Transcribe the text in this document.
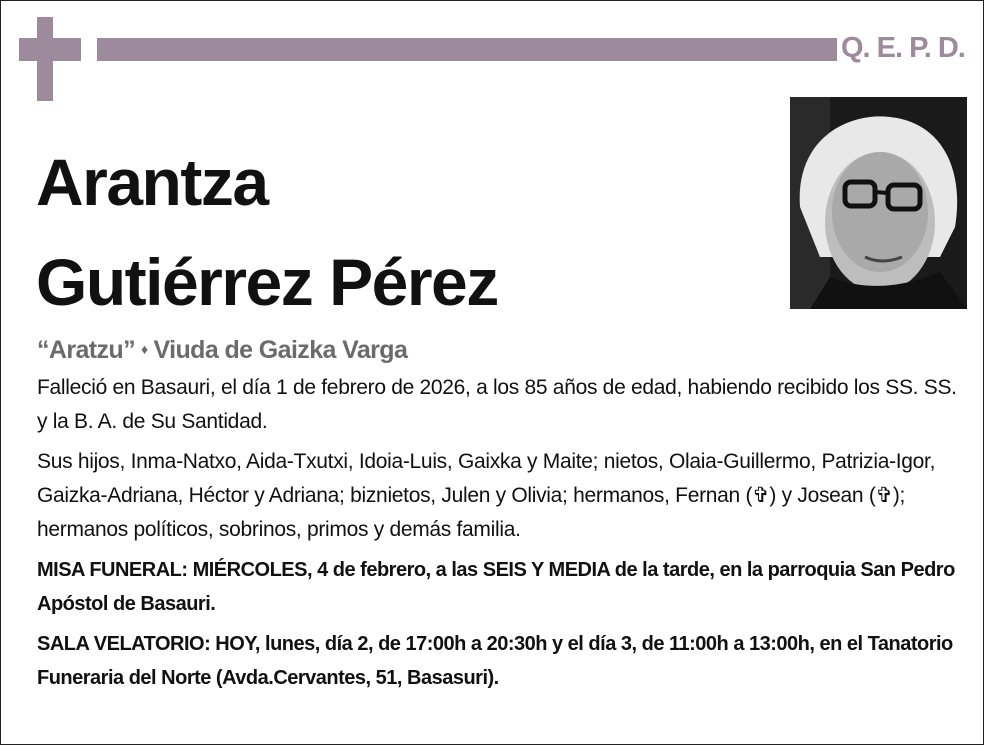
Q. E. P. D.
Arantza
Gutiérrez Pérez
“Aratzu” ♦ Viuda de Gaizka Varga

Falleció en Basauri, el día 1 de febrero de 2026, a los 85 años de edad, habiendo recibido los SS. SS. y la B. A. de Su Santidad.

Sus hijos, Inma-Natxo, Aida-Txutxi, Idoia-Luis, Gaixka y Maite; nietos, Olaia-Guillermo, Patrizia-Igor, Gaizka-Adriana, Héctor y Adriana; biznietos, Julen y Olivia; hermanos, Fernan (✞) y Josean (✞); hermanos políticos, sobrinos, primos y demás familia.

MISA FUNERAL: MIÉRCOLES, 4 de febrero, a las SEIS Y MEDIA de la tarde, en la parroquia San Pedro Apóstol de Basauri.

SALA VELATORIO: HOY, lunes, día 2, de 17:00h a 20:30h y el día 3, de 11:00h a 13:00h, en el Tanatorio Funeraria del Norte (Avda.Cervantes, 51, Basasuri).
